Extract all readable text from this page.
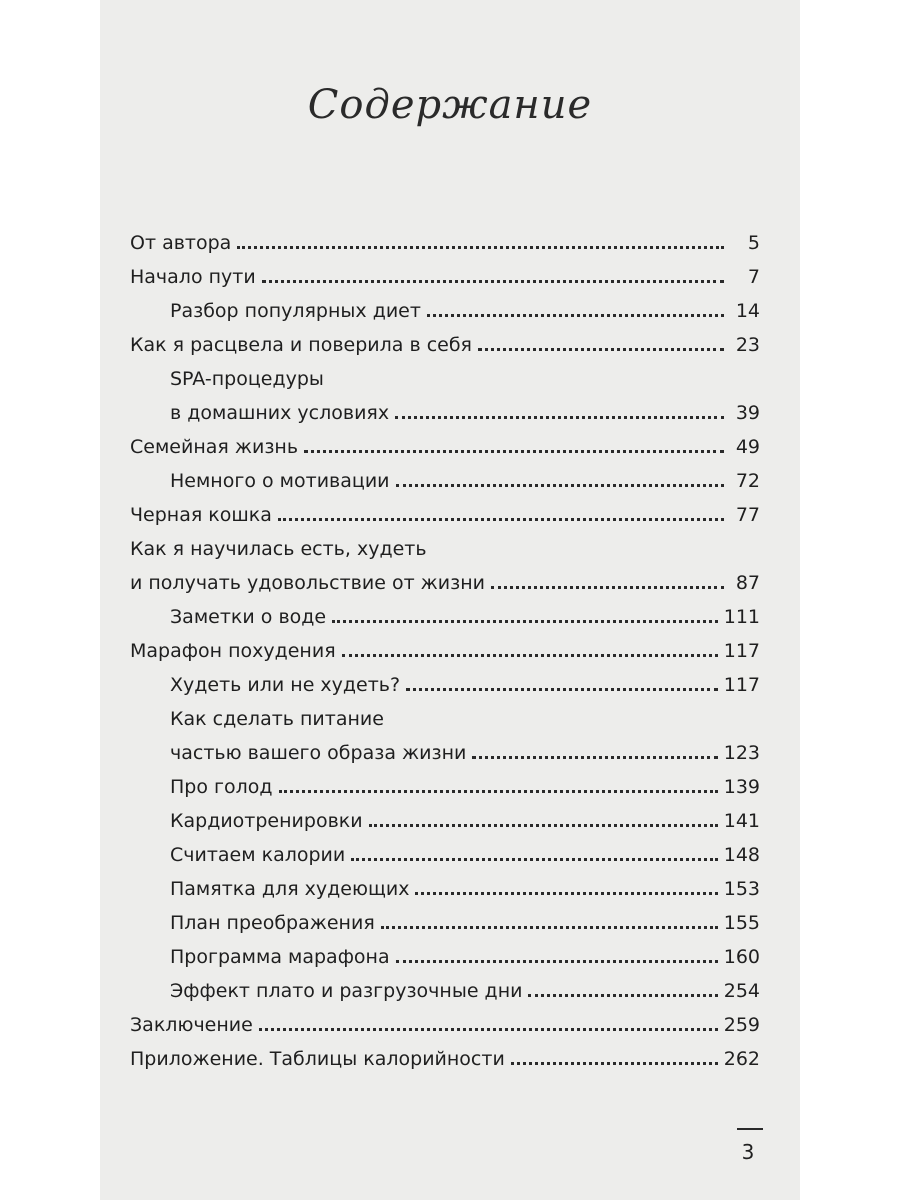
Содержание
От автора	5
Начало пути	7
Разбор популярных диет	14
Как я расцвела и поверила в себя	23
SPA-процедуры
в домашних условиях	39
Семейная жизнь	49
Немного о мотивации	72
Черная кошка	77
Как я научилась есть, худеть
и получать удовольствие от жизни	87
Заметки о воде	111
Марафон похудения	117
Худеть или не худеть?	117
Как сделать питание
частью вашего образа жизни	123
Про голод	139
Кардиотренировки	141
Считаем калории	148
Памятка для худеющих	153
План преображения	155
Программа марафона	160
Эффект плато и разгрузочные дни	254
Заключение	259
Приложение. Таблицы калорийности	262
3
